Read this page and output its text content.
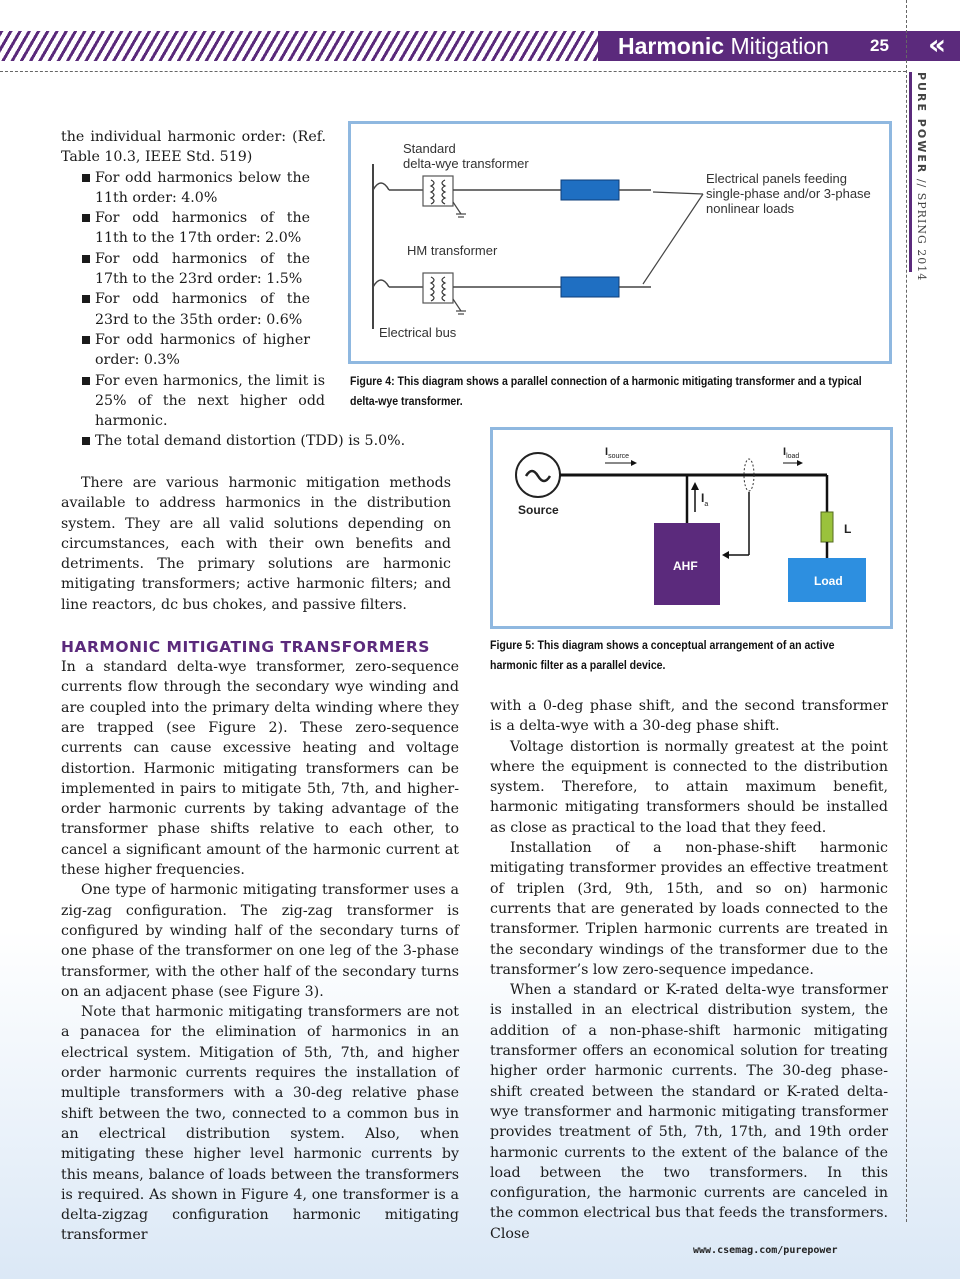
Harmonic Mitigation 25	«
PURE POWER // SPRING 2014

the individual harmonic order: (Ref. Table 10.3, IEEE Std. 519)

For odd harmonics below the 11th order: 4.0%
For odd harmonics of the 11th to the 17th order: 2.0%
For odd harmonics of the 17th to the 23rd order: 1.5%
For odd harmonics of the 23rd to the 35th order: 0.6%
For odd harmonics of higher order: 0.3%
For even harmonics, the limit is 25% of the next higher odd harmonic.
The total demand distortion (TDD) is 5.0%.

There are various harmonic mitigation methods available to address harmonics in the distribution system. They are all valid solutions depending on circumstances, each with their own benefits and detriments. The primary solutions are harmonic mitigating transformers; active harmonic filters; and line reactors, dc bus chokes, and passive filters.

HARMONIC MITIGATING TRANSFORMERS

In a standard delta-wye transformer, zero-sequence currents flow through the secondary wye winding and are coupled into the primary delta winding where they are trapped (see Figure 2). These zero-sequence currents can cause excessive heating and voltage distortion. Harmonic mitigating transformers can be implemented in pairs to mitigate 5th, 7th, and higher-order harmonic currents by taking advantage of the transformer phase shifts relative to each other, to cancel a significant amount of the harmonic current at these higher frequencies.

One type of harmonic mitigating transformer uses a zig-zag configuration. The zig-zag transformer is configured by winding half of the secondary turns of one phase of the transformer on one leg of the 3-phase transformer, with the other half of the secondary turns on an adjacent phase (see Figure 3).

Note that harmonic mitigating transformers are not a panacea for the elimination of harmonics in an electrical system. Mitigation of 5th, 7th, and higher order harmonic currents requires the installation of multiple transformers with a 30-deg relative phase shift between the two, connected to a common bus in an electrical distribution system. Also, when mitigating these higher level harmonic currents by this means, balance of loads between the transformers is required. As shown in Figure 4, one transformer is a delta-zigzag configuration harmonic mitigating transformer

with a 0-deg phase shift, and the second transformer is a delta-wye with a 30-deg phase shift.

Voltage distortion is normally greatest at the point where the equipment is connected to the distribution system. Therefore, to attain maximum benefit, harmonic mitigating transformers should be installed as close as practical to the load that they feed.

Installation of a non-phase-shift harmonic mitigating transformer provides an effective treatment of triplen (3rd, 9th, 15th, and so on) harmonic currents that are generated by loads connected to the transformer. Triplen harmonic currents are treated in the secondary windings of the transformer due to the transformer’s low zero-sequence impedance.

When a standard or K-rated delta-wye transformer is installed in an electrical distribution system, the addition of a non-phase-shift harmonic mitigating transformer offers an economical solution for treating higher order harmonic currents. The 30-deg phase-shift created between the standard or K-rated delta-wye transformer and harmonic mitigating transformer provides treatment of 5th, 7th, 17th, and 19th order harmonic currents to the extent of the balance of the load between the two transformers. In this configuration, the harmonic currents are canceled in the common electrical bus that feeds the transformers. Close

Standard
delta-wye transformer
HM transformer
Electrical bus
Electrical panels feeding
single-phase and/or 3-phase
nonlinear loads
Figure 4: This diagram shows a parallel connection of a harmonic mitigating transformer and a typical delta-wye transformer.
Source
L
Load
AHF
$I_a$
$I_{source}$	$I_{load}$
Figure 5: This diagram shows a conceptual arrangement of an active harmonic filter as a parallel device.
www.csemag.com/purepower
